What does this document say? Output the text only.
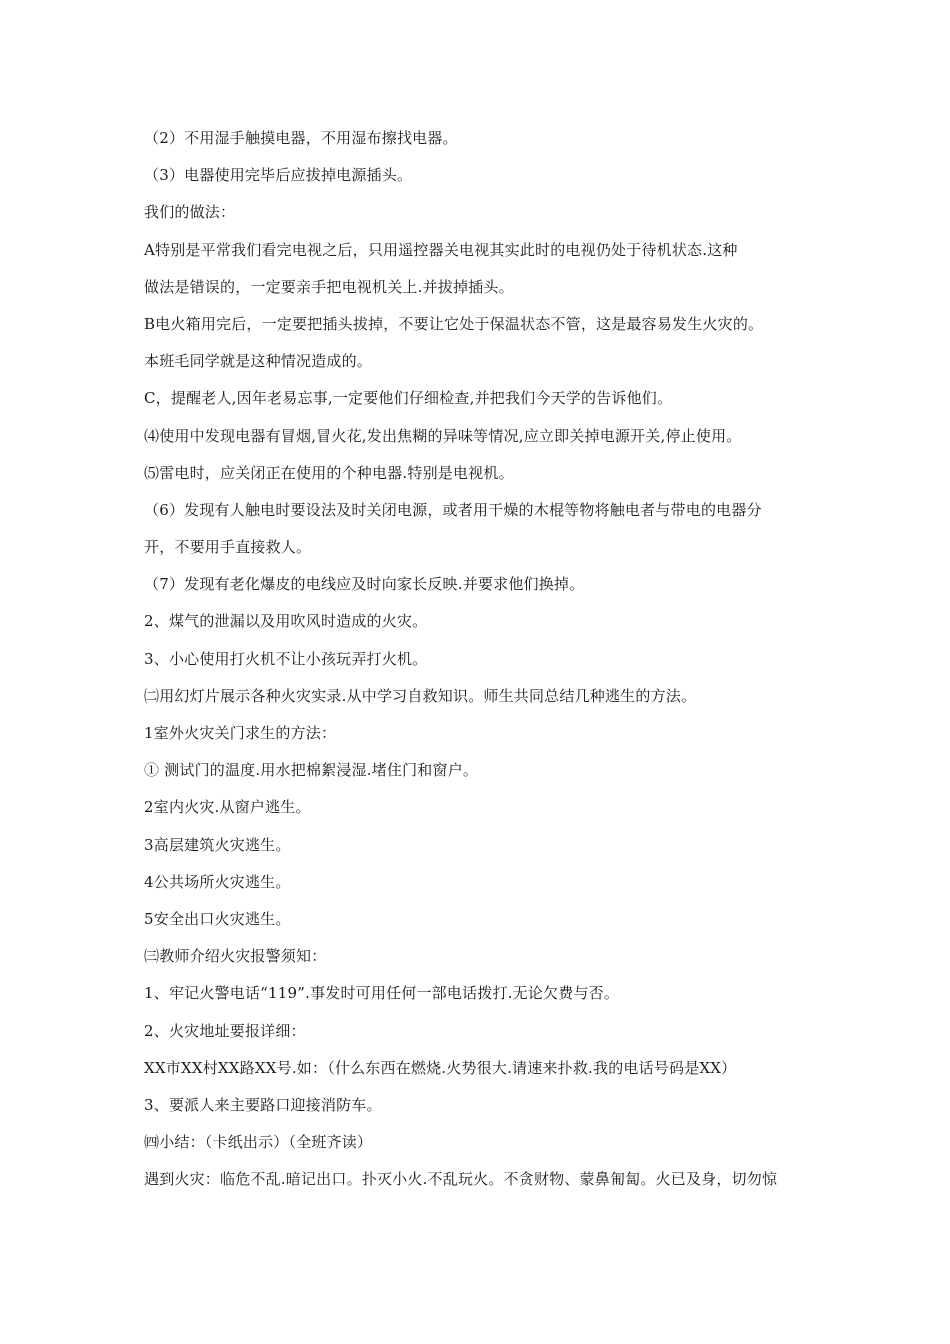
（2）不用湿手触摸电器，不用湿布擦找电器。
（3）电器使用完毕后应拔掉电源插头。
我们的做法：
A特别是平常我们看完电视之后，只用遥控器关电视其实此时的电视仍处于待机状态.这种
做法是错误的，一定要亲手把电视机关上.并拔掉插头。
B电火箱用完后，一定要把插头拔掉，不要让它处于保温状态不管，这是最容易发生火灾的。
本班毛同学就是这种情况造成的。
C，提醒老人,因年老易忘事,一定要他们仔细检查,并把我们今天学的告诉他们。
⑷使用中发现电器有冒烟,冒火花,发出焦糊的异味等情况,应立即关掉电源开关,停止使用。
⑸雷电时，应关闭正在使用的个种电器.特别是电视机。
（6）发现有人触电时要设法及时关闭电源，或者用干燥的木棍等物将触电者与带电的电器分
开，不要用手直接救人。
（7）发现有老化爆皮的电线应及时向家长反映.并要求他们换掉。
2、煤气的泄漏以及用吹风时造成的火灾。
3、小心使用打火机不让小孩玩弄打火机。
㈡用幻灯片展示各种火灾实录.从中学习自救知识。师生共同总结几种逃生的方法。
1室外火灾关门求生的方法：
① 测试门的温度.用水把棉絮浸湿.堵住门和窗户。
2室内火灾.从窗户逃生。
3高层建筑火灾逃生。
4公共场所火灾逃生。
5安全出口火灾逃生。
㈢教师介绍火灾报警须知：
1、牢记火警电话“119”.事发时可用任何一部电话拨打.无论欠费与否。
2、火灾地址要报详细：
XX市XX村XX路XX号.如：（什么东西在燃烧.火势很大.请速来扑救.我的电话号码是XX）
3、要派人来主要路口迎接消防车。
㈣小结：（卡纸出示）（全班齐读）
遇到火灾：临危不乱.暗记出口。扑灭小火.不乱玩火。不贪财物、蒙鼻匍匐。火已及身，切勿惊
